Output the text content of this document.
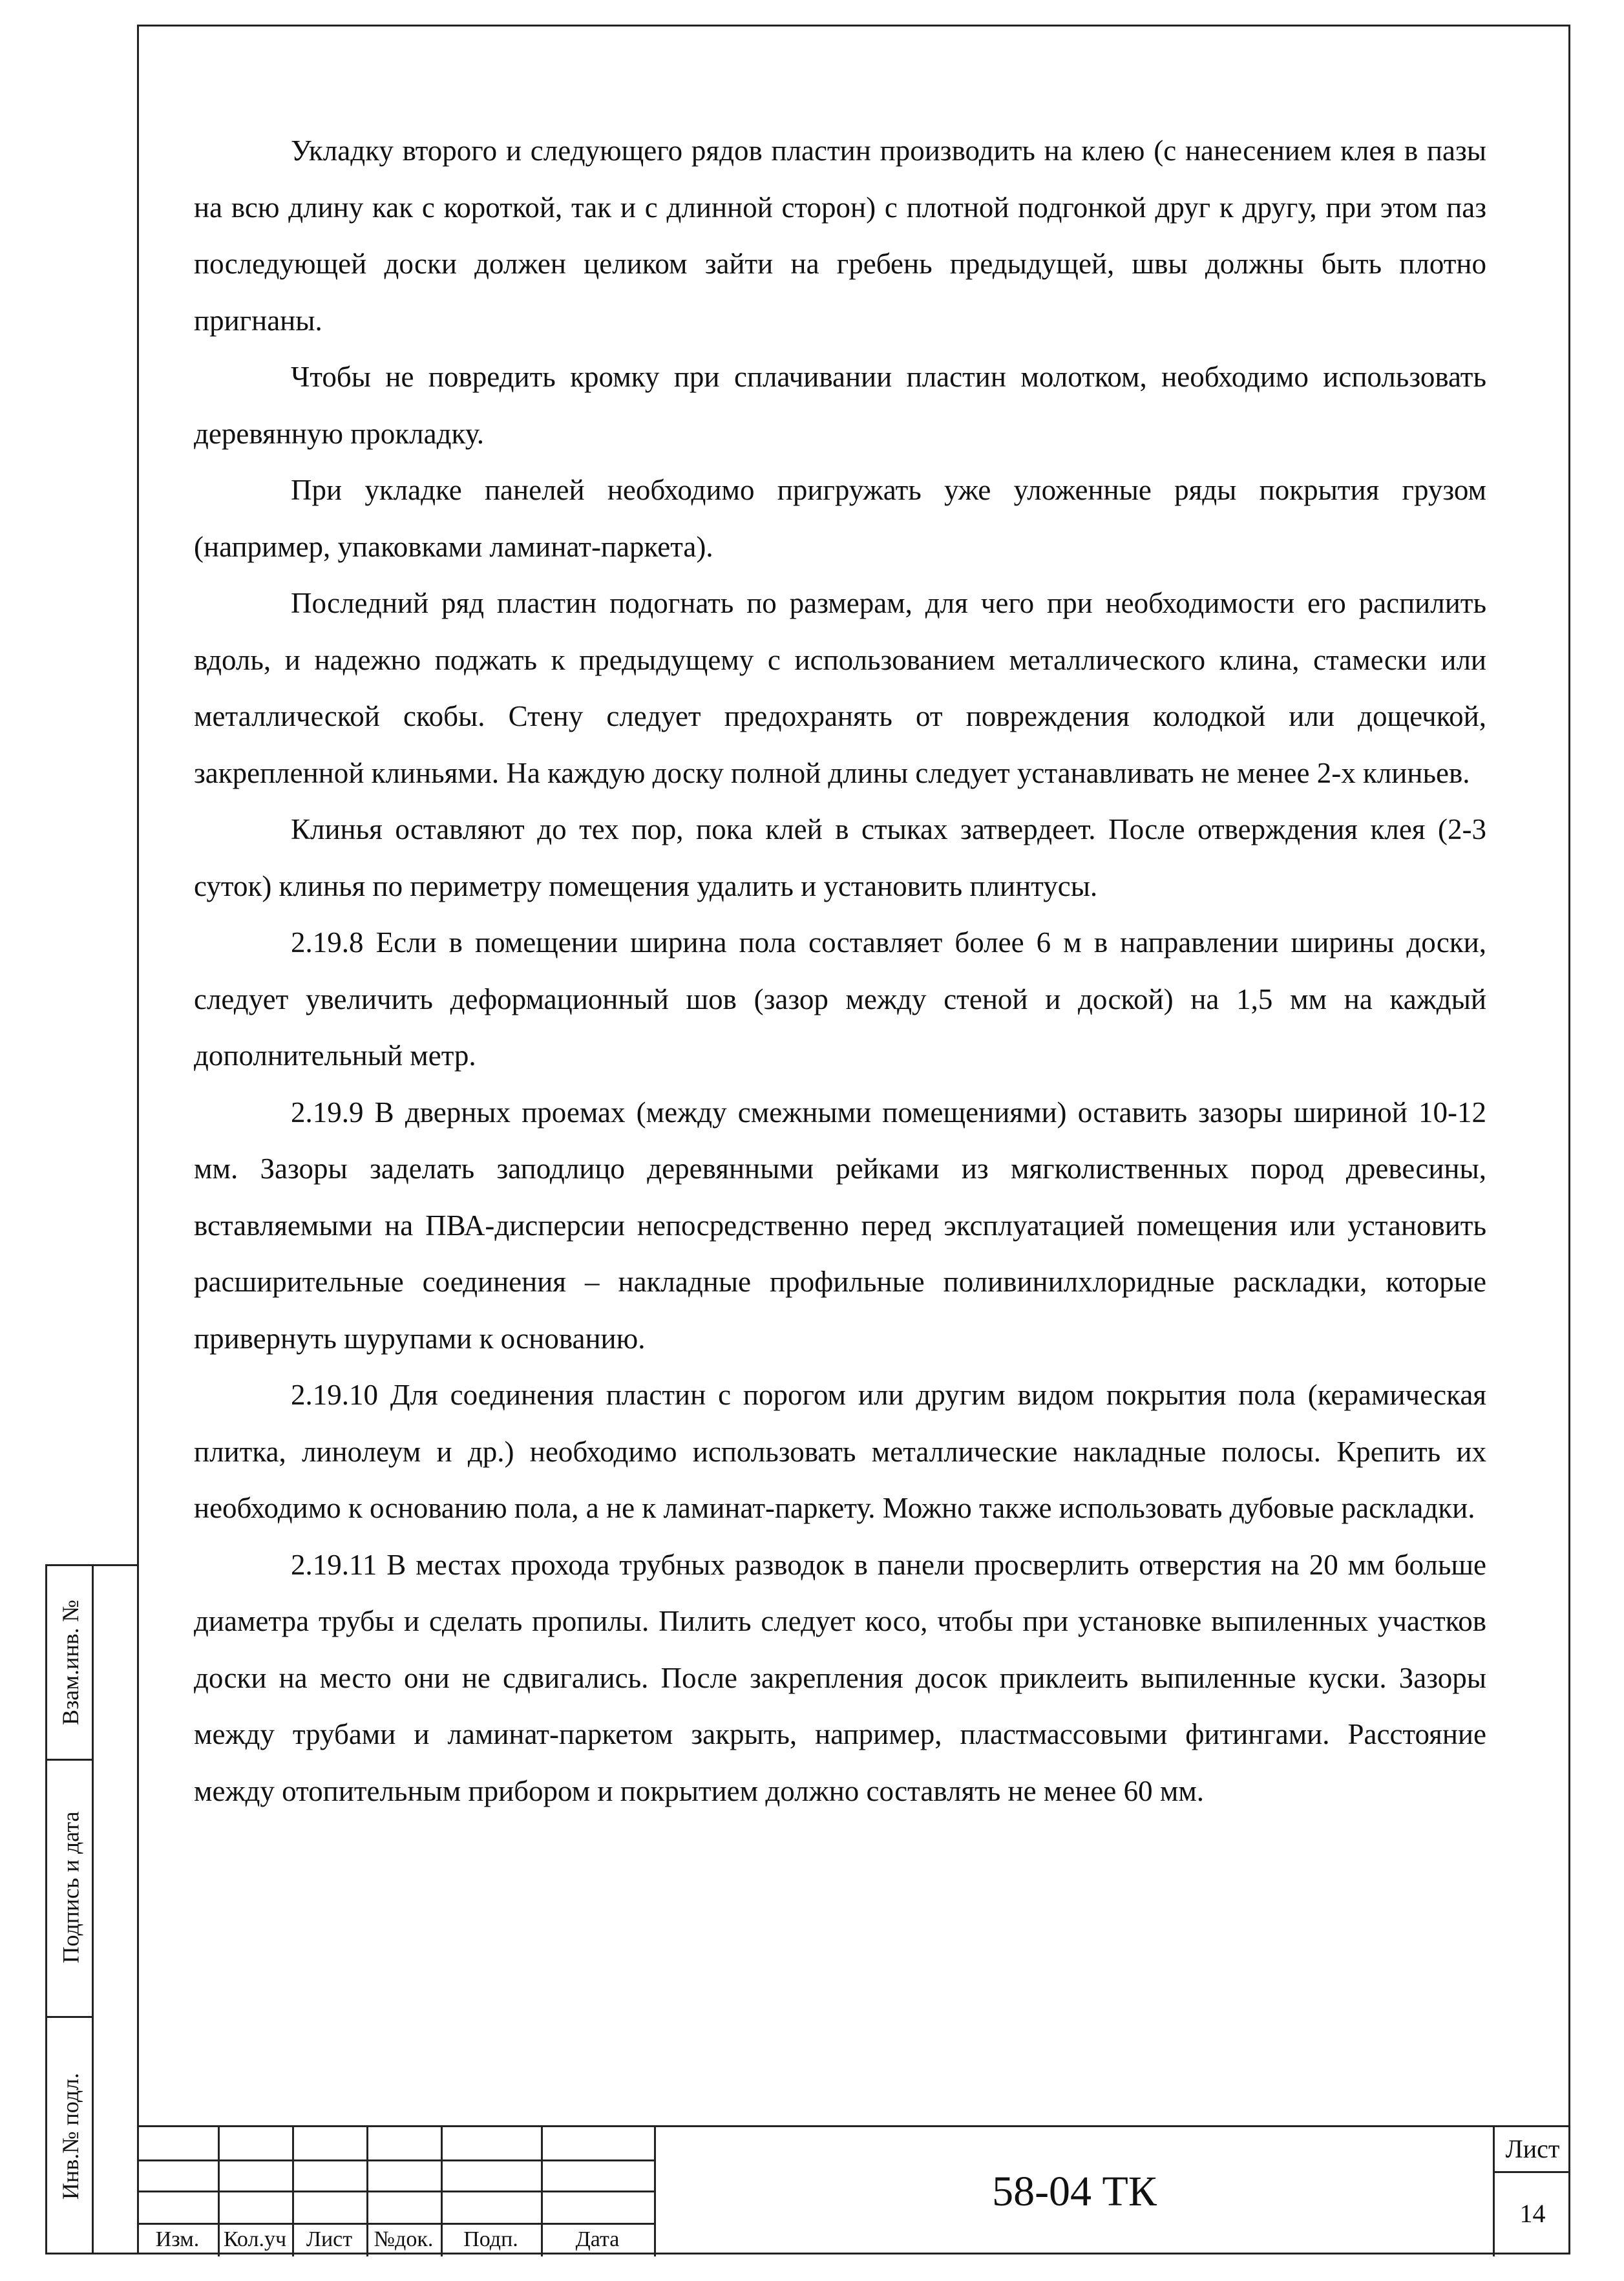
Укладку второго и следующего рядов пластин производить на клею (с нанесением клея в пазы на всю длину как с короткой, так и с длинной сторон) с плотной подгонкой друг к другу, при этом паз последующей доски должен целиком зайти на гребень предыдущей, швы должны быть плотно пригнаны.

Чтобы не повредить кромку при сплачивании пластин молотком, необходимо использовать деревянную прокладку.

При укладке панелей необходимо пригружать уже уложенные ряды покрытия грузом (например, упаковками ламинат-паркета).

Последний ряд пластин подогнать по размерам, для чего при необходимости его распилить вдоль, и надежно поджать к предыдущему с использованием металлического клина, стамески или металлической скобы. Стену следует предохранять от повреждения колодкой или дощечкой, закрепленной клиньями. На каждую доску полной длины следует устанавливать не менее 2-х клиньев.

Клинья оставляют до тех пор, пока клей в стыках затвердеет. После отверждения клея (2-3 суток) клинья по периметру помещения удалить и установить плинтусы.

2.19.8 Если в помещении ширина пола составляет более 6 м в направлении ширины доски, следует увеличить деформационный шов (зазор между стеной и доской) на 1,5 мм на каждый дополнительный метр.

2.19.9 В дверных проемах (между смежными помещениями) оставить зазоры шириной 10-12 мм. Зазоры заделать заподлицо деревянными рейками из мягколиственных пород древесины, вставляемыми на ПВА-дисперсии непосредственно перед эксплуатацией помещения или установить расширительные соединения – накладные профильные поливинилхлоридные раскладки, которые привернуть шурупами к основанию.

2.19.10 Для соединения пластин с порогом или другим видом покрытия пола (керамическая плитка, линолеум и др.) необходимо использовать металлические накладные полосы. Крепить их необходимо к основанию пола, а не к ламинат-паркету. Можно также использовать дубовые раскладки.

2.19.11 В местах прохода трубных разводок в панели просверлить отверстия на 20 мм больше диаметра трубы и сделать пропилы. Пилить следует косо, чтобы при установке выпиленных участков доски на место они не сдвигались. После закрепления досок приклеить выпиленные куски. Зазоры между трубами и ламинат-паркетом закрыть, например, пластмассовыми фитингами. Расстояние между отопительным прибором и покрытием должно составлять не менее 60 мм.

Взам.инв. №
Подпись и дата
Инв.№ подл.
Изм.	Кол.уч Лист №док.	Подп.	Дата
58-04 ТК
Лист
14
